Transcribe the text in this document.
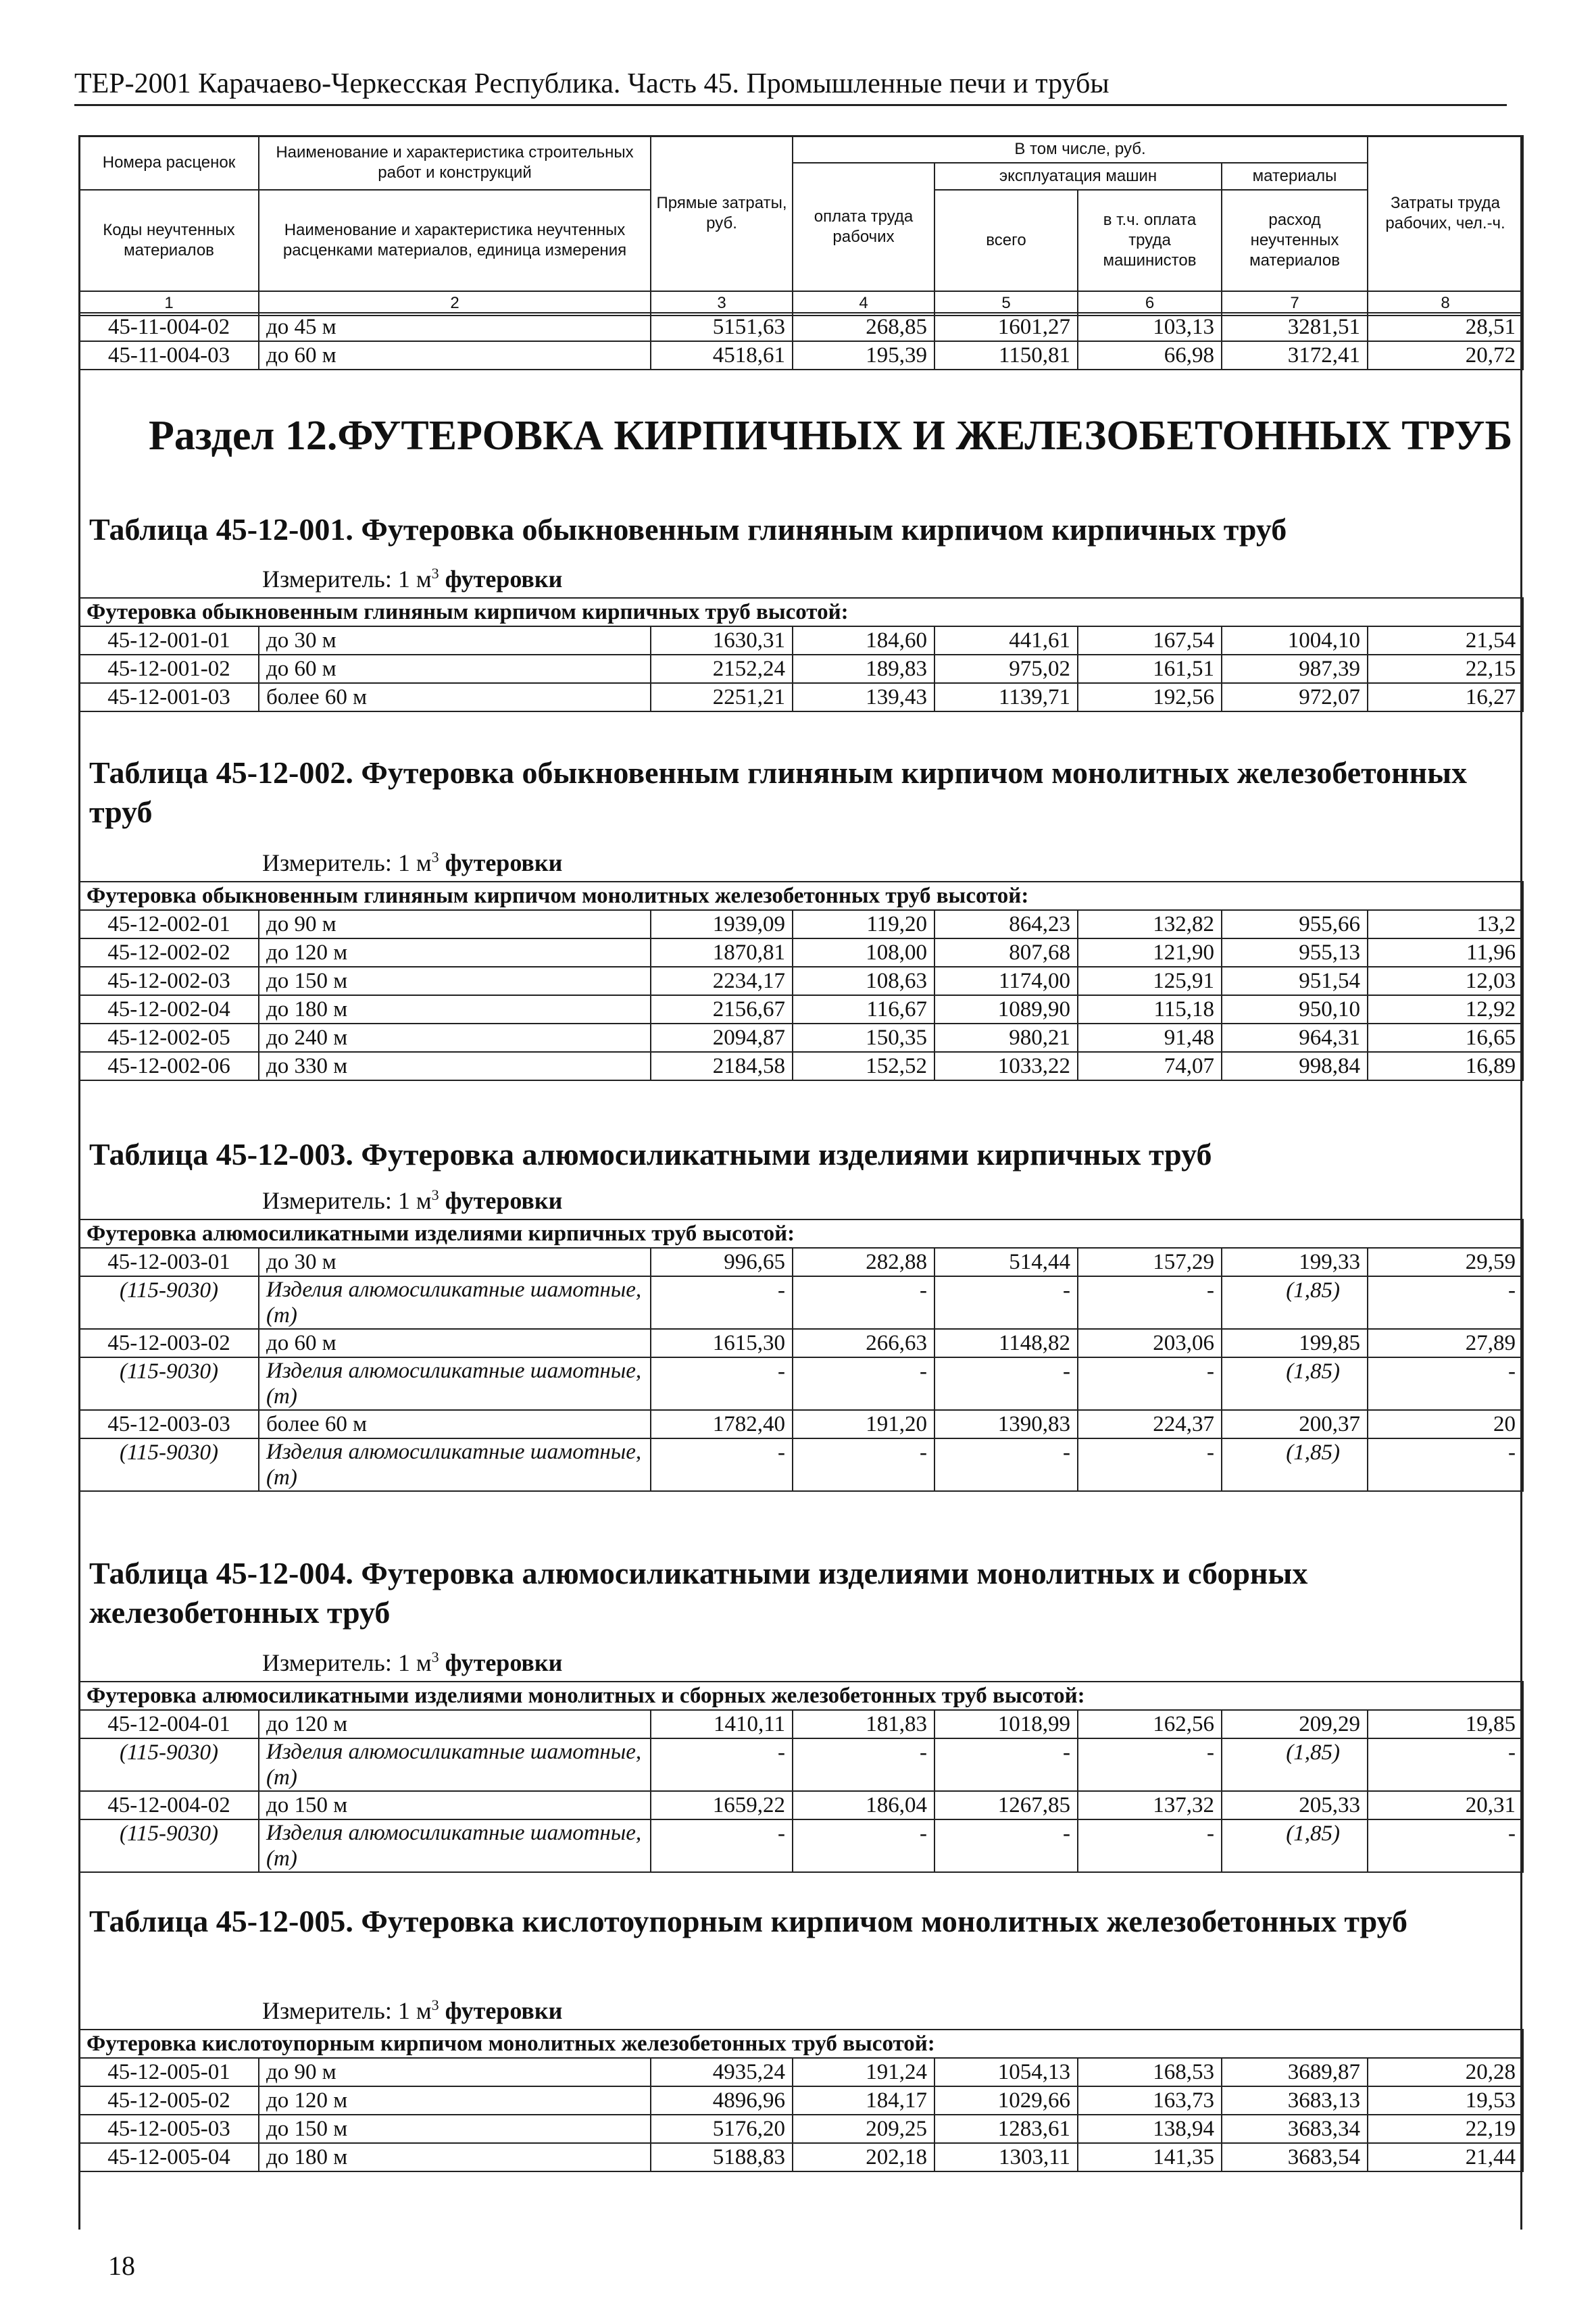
ТЕР-2001 Карачаево-Черкесская Республика. Часть 45. Промышленные печи и трубы
Номера расценок	Наименование и характеристика строительных работ и конструкций	Прямые затраты, руб.	В том числе, руб.				Затраты труда рабочих, чел.-ч.
			оплата труда рабочих	эксплуатация машин		материалы	
Коды неучтенных материалов	Наименование и характеристика неучтенных расценками материалов, единица измерения			всего	в т.ч. оплата труда машинистов	расход неучтенных материалов	
1	2	3	4	5	6	7	8
45-11-004-02	до 45 м	5151,63	268,85	1601,27	103,13	3281,51	28,51
45-11-004-03	до 60 м	4518,61	195,39	1150,81	66,98	3172,41	20,72

Раздел 12.ФУТЕРОВКА КИРПИЧНЫХ И ЖЕЛЕЗОБЕТОННЫХ ТРУБ
Таблица 45-12-001. Футеровка обыкновенным глиняным кирпичом кирпичных труб
Измеритель: 1 $м^3$ футеровки
Футеровка обыкновенным глиняным кирпичом кирпичных труб высотой:							
45-12-001-01	до 30 м	1630,31	184,60	441,61	167,54	1004,10	21,54
45-12-001-02	до 60 м	2152,24	189,83	975,02	161,51	987,39	22,15
45-12-001-03	более 60 м	2251,21	139,43	1139,71	192,56	972,07	16,27
Таблица 45-12-002. Футеровка обыкновенным глиняным кирпичом монолитных железобетонных труб
Измеритель: 1 $м^3$ футеровки
Футеровка обыкновенным глиняным кирпичом монолитных железобетонных труб высотой:							
45-12-002-01	до 90 м	1939,09	119,20	864,23	132,82	955,66	13,2
45-12-002-02	до 120 м	1870,81	108,00	807,68	121,90	955,13	11,96
45-12-002-03	до 150 м	2234,17	108,63	1174,00	125,91	951,54	12,03
45-12-002-04	до 180 м	2156,67	116,67	1089,90	115,18	950,10	12,92
45-12-002-05	до 240 м	2094,87	150,35	980,21	91,48	964,31	16,65
45-12-002-06	до 330 м	2184,58	152,52	1033,22	74,07	998,84	16,89
Таблица 45-12-003. Футеровка алюмосиликатными изделиями кирпичных труб
Измеритель: 1 $м^3$ футеровки
Футеровка алюмосиликатными изделиями кирпичных труб высотой:							
45-12-003-01	до 30 м	996,65	282,88	514,44	157,29	199,33	29,59
(115-9030)	Изделия алюмосиликатные шамотные, (т)	-	-	-	-	(1,85)	-
45-12-003-02	до 60 м	1615,30	266,63	1148,82	203,06	199,85	27,89
(115-9030)	Изделия алюмосиликатные шамотные, (т)	-	-	-	-	(1,85)	-
45-12-003-03	более 60 м	1782,40	191,20	1390,83	224,37	200,37	20
(115-9030)	Изделия алюмосиликатные шамотные, (т)	-	-	-	-	(1,85)	-
Таблица 45-12-004. Футеровка алюмосиликатными изделиями монолитных и сборных железобетонных труб
Измеритель: 1 $м^3$ футеровки
Футеровка алюмосиликатными изделиями монолитных и сборных железобетонных труб высотой:							
45-12-004-01	до 120 м	1410,11	181,83	1018,99	162,56	209,29	19,85
(115-9030)	Изделия алюмосиликатные шамотные, (т)	-	-	-	-	(1,85)	-
45-12-004-02	до 150 м	1659,22	186,04	1267,85	137,32	205,33	20,31
(115-9030)	Изделия алюмосиликатные шамотные, (т)	-	-	-	-	(1,85)	-
Таблица 45-12-005. Футеровка кислотоупорным кирпичом монолитных железобетонных труб
Измеритель: 1 $м^3$ футеровки
Футеровка кислотоупорным кирпичом монолитных железобетонных труб высотой:							
45-12-005-01	до 90 м	4935,24	191,24	1054,13	168,53	3689,87	20,28
45-12-005-02	до 120 м	4896,96	184,17	1029,66	163,73	3683,13	19,53
45-12-005-03	до 150 м	5176,20	209,25	1283,61	138,94	3683,34	22,19
45-12-005-04	до 180 м	5188,83	202,18	1303,11	141,35	3683,54	21,44
18
